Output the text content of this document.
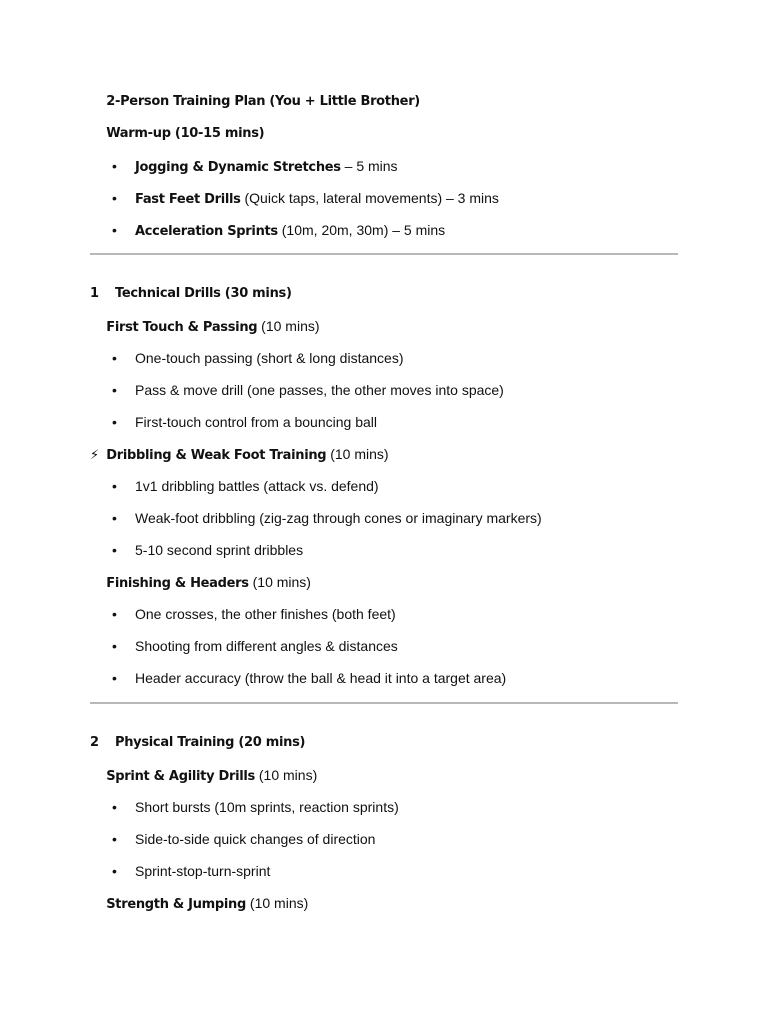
2-Person Training Plan (You + Little Brother)
Warm-up (10-15 mins)
•	Jogging & Dynamic Stretches – 5 mins
•	Fast Feet Drills (Quick taps, lateral movements) – 3 mins
•	Acceleration Sprints (10m, 20m, 30m) – 5 mins
1 Technical Drills (30 mins)
First Touch & Passing (10 mins)
•	One-touch passing (short & long distances)
•	Pass & move drill (one passes, the other moves into space)
•	First-touch control from a bouncing ball
⚡ Dribbling & Weak Foot Training (10 mins)
•	1v1 dribbling battles (attack vs. defend)
•	Weak-foot dribbling (zig-zag through cones or imaginary markers)
•	5-10 second sprint dribbles
Finishing & Headers (10 mins)
•	One crosses, the other finishes (both feet)
•	Shooting from different angles & distances
•	Header accuracy (throw the ball & head it into a target area)
2 Physical Training (20 mins)
Sprint & Agility Drills (10 mins)
•	Short bursts (10m sprints, reaction sprints)
•	Side-to-side quick changes of direction
•	Sprint-stop-turn-sprint
Strength & Jumping (10 mins)
